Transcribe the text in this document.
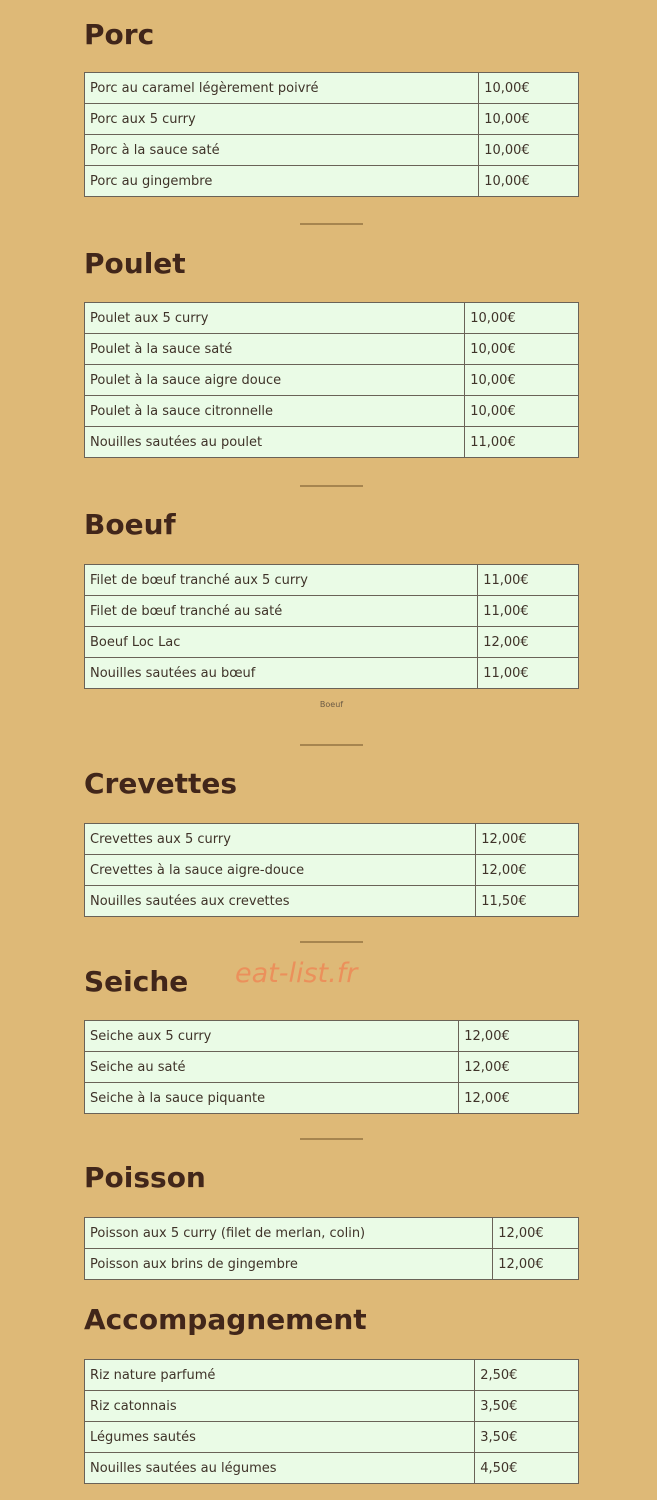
Porc
Porc au caramel légèrement poivré	10,00€
Porc aux 5 curry	10,00€
Porc à la sauce saté	10,00€
Porc au gingembre	10,00€
Poulet
Poulet aux 5 curry	10,00€
Poulet à la sauce saté	10,00€
Poulet à la sauce aigre douce	10,00€
Poulet à la sauce citronnelle	10,00€
Nouilles sautées au poulet	11,00€
Boeuf
Filet de bœuf tranché aux 5 curry	11,00€
Filet de bœuf tranché au saté	11,00€
Boeuf Loc Lac	12,00€
Nouilles sautées au bœuf	11,00€
Boeuf
Crevettes
Crevettes aux 5 curry	12,00€
Crevettes à la sauce aigre-douce	12,00€
Nouilles sautées aux crevettes	11,50€
Seiche eat-list.fr
Seiche aux 5 curry	12,00€
Seiche au saté	12,00€
Seiche à la sauce piquante	12,00€
Poisson
Poisson aux 5 curry (filet de merlan, colin)	12,00€
Poisson aux brins de gingembre	12,00€
Accompagnement
Riz nature parfumé	2,50€
Riz catonnais	3,50€
Légumes sautés	3,50€
Nouilles sautées au légumes	4,50€
